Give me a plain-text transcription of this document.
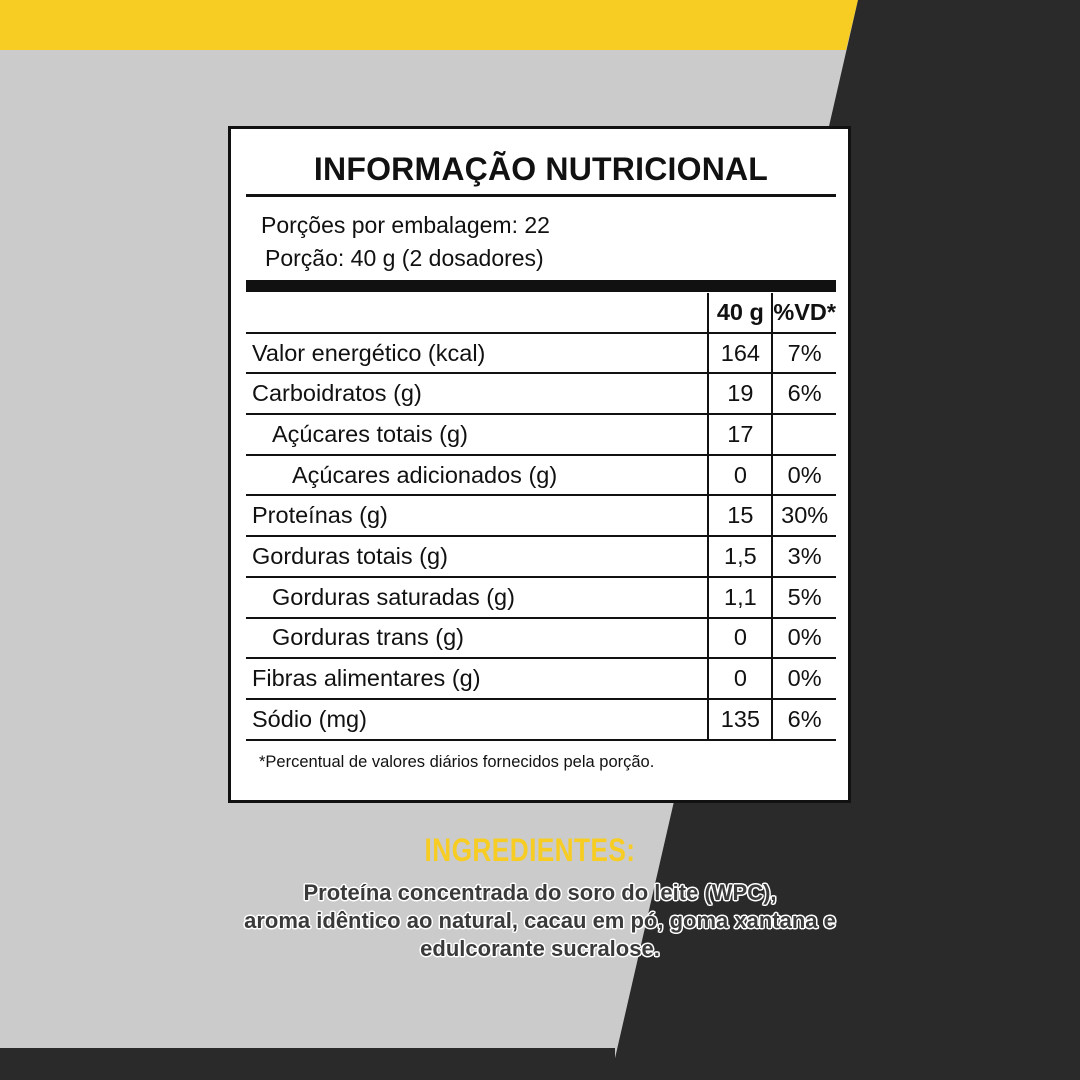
INFORMAÇÃO NUTRICIONAL
Porções por embalagem: 22
Porção: 40 g (2 dosadores)
	40 g	%VD*
Valor energético (kcal)	164	7%
Carboidratos (g)	19	6%
Açúcares totais (g)	17	
Açúcares adicionados (g)	0	0%
Proteínas (g)	15	30%
Gorduras totais (g)	1,5	3%
Gorduras saturadas (g)	1,1	5%
Gorduras trans (g)	0	0%
Fibras alimentares (g)	0	0%
Sódio (mg)	135	6%
*Percentual de valores diários fornecidos pela porção.
INGREDIENTES:
Proteína concentrada do soro do leite (WPC),
aroma idêntico ao natural, cacau em pó, goma xantana e
edulcorante sucralose.
